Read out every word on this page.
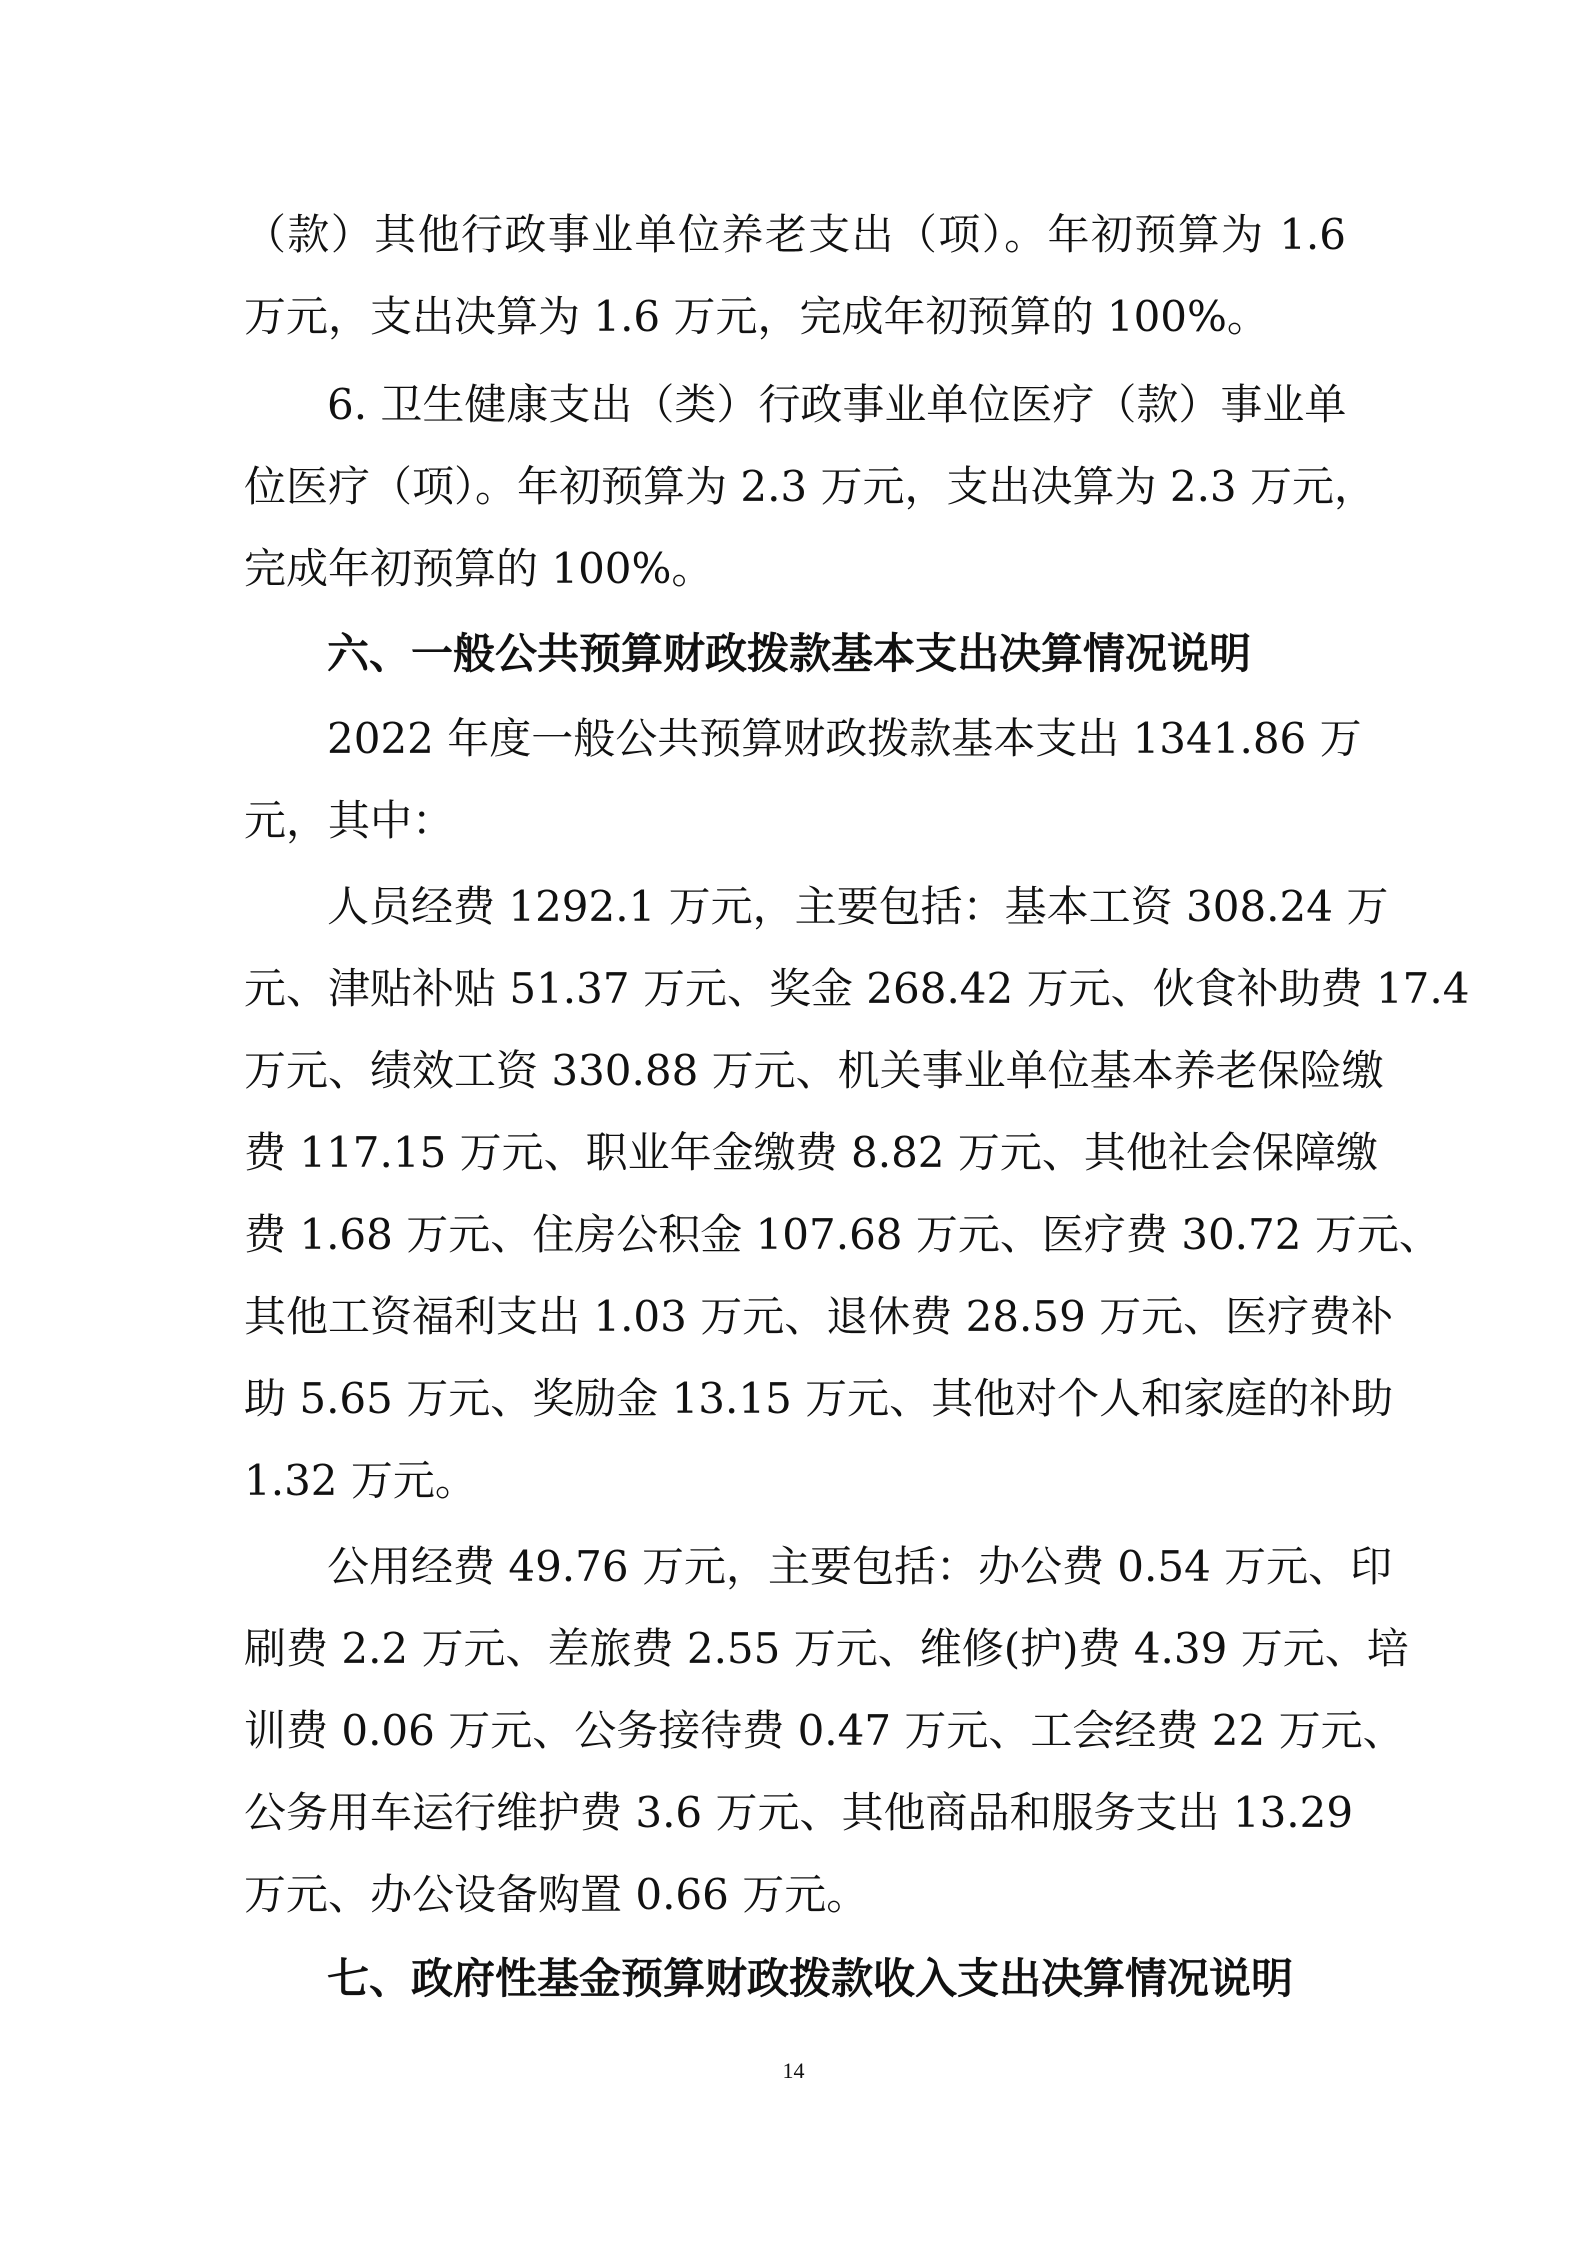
（款）其他行政事业单位养老支出（项）。年初预算为 1.6
万元，支出决算为 1.6 万元，完成年初预算的 100%。
6. 卫生健康支出（类）行政事业单位医疗（款）事业单
位医疗（项）。年初预算为 2.3 万元，支出决算为 2.3 万元，
完成年初预算的 100%。
六、一般公共预算财政拨款基本支出决算情况说明
2022 年度一般公共预算财政拨款基本支出 1341.86 万
元，其中：
人员经费 1292.1 万元，主要包括：基本工资 308.24 万
元、津贴补贴 51.37 万元、奖金 268.42 万元、伙食补助费 17.4
万元、绩效工资 330.88 万元、机关事业单位基本养老保险缴
费 117.15 万元、职业年金缴费 8.82 万元、其他社会保障缴
费 1.68 万元、住房公积金 107.68 万元、医疗费 30.72 万元、
其他工资福利支出 1.03 万元、退休费 28.59 万元、医疗费补
助 5.65 万元、奖励金 13.15 万元、其他对个人和家庭的补助
1.32 万元。
公用经费 49.76 万元，主要包括：办公费 0.54 万元、印
刷费 2.2 万元、差旅费 2.55 万元、维修(护)费 4.39 万元、培
训费 0.06 万元、公务接待费 0.47 万元、工会经费 22 万元、
公务用车运行维护费 3.6 万元、其他商品和服务支出 13.29
万元、办公设备购置 0.66 万元。
七、政府性基金预算财政拨款收入支出决算情况说明
14
